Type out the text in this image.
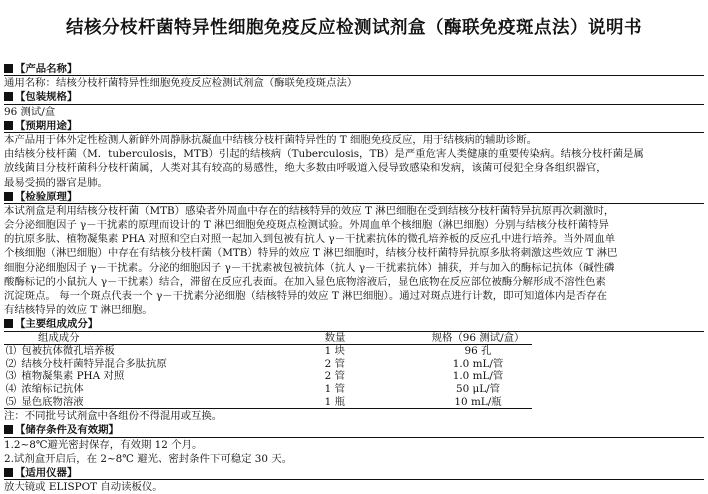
结核分枝杆菌特异性细胞免疫反应检测试剂盒（酶联免疫斑点法）说明书
【产品名称】
通用名称：结核分枝杆菌特异性细胞免疫反应检测试剂盒（酶联免疫斑点法）
【包装规格】
96 测试/盒
【预期用途】
本产品用于体外定性检测人新鲜外周静脉抗凝血中结核分枝杆菌特异性的 T 细胞免疫反应，用于结核病的辅助诊断。
由结核分枝杆菌（M．tuberculosis，MTB）引起的结核病（Tuberculosis，TB）是严重危害人类健康的重要传染病。结核分枝杆菌是属
放线菌目分枝杆菌科分枝杆菌属，人类对其有较高的易感性，绝大多数由呼吸道入侵导致感染和发病，该菌可侵犯全身各组织器官，
最易受损的器官是肺。
【检验原理】
本试剂盒是利用结核分枝杆菌（MTB）感染者外周血中存在的结核特异的效应 T 淋巴细胞在受到结核分枝杆菌特异抗原再次刺激时，
会分泌细胞因子 γ－干扰素的原理而设计的 T 淋巴细胞免疫斑点检测试验。外周血单个核细胞（淋巴细胞）分别与结核分枝杆菌特异
的抗原多肽、植物凝集素 PHA 对照和空白对照一起加入到包被有抗人 γ－干扰素抗体的微孔培养板的反应孔中进行培养。当外周血单
个核细胞（淋巴细胞）中存在有结核分枝杆菌（MTB）特异的效应 T 淋巴细胞时，结核分枝杆菌特异抗原多肽将刺激这些效应 T 淋巴
细胞分泌细胞因子 γ－干扰素。分泌的细胞因子 γ－干扰素被包被抗体（抗人 γ－干扰素抗体）捕获，并与加入的酶标记抗体（碱性磷
酸酶标记的小鼠抗人 γ－干扰素）结合，滞留在反应孔表面。在加入显色底物溶液后，显色底物在反应部位被酶分解形成不溶性色素
沉淀斑点。 每一个斑点代表一个 γ－干扰素分泌细胞（结核特异的效应 T 淋巴细胞）。通过对斑点进行计数，即可知道体内是否存在
有结核特异的效应 T 淋巴细胞。
【主要组成成分】
组成成分	数量	规格（96 测试/盒）
⑴ 包被抗体微孔培养板	1 块	96 孔
⑵ 结核分枝杆菌特异混合多肽抗原	2 管	1.0 mL/管
⑶ 植物凝集素 PHA 对照	2 管	1.0 mL/管
⑷ 浓缩标记抗体	1 管	50 μL/管
⑸ 显色底物溶液	1 瓶	10 mL/瓶
注：不同批号试剂盒中各组份不得混用或互换。
【储存条件及有效期】
1.2~8℃避光密封保存，有效期 12 个月。
2.试剂盒开启后，在 2~8℃ 避光、密封条件下可稳定 30 天。
【适用仪器】
放大镜或 ELISPOT 自动读板仪。
